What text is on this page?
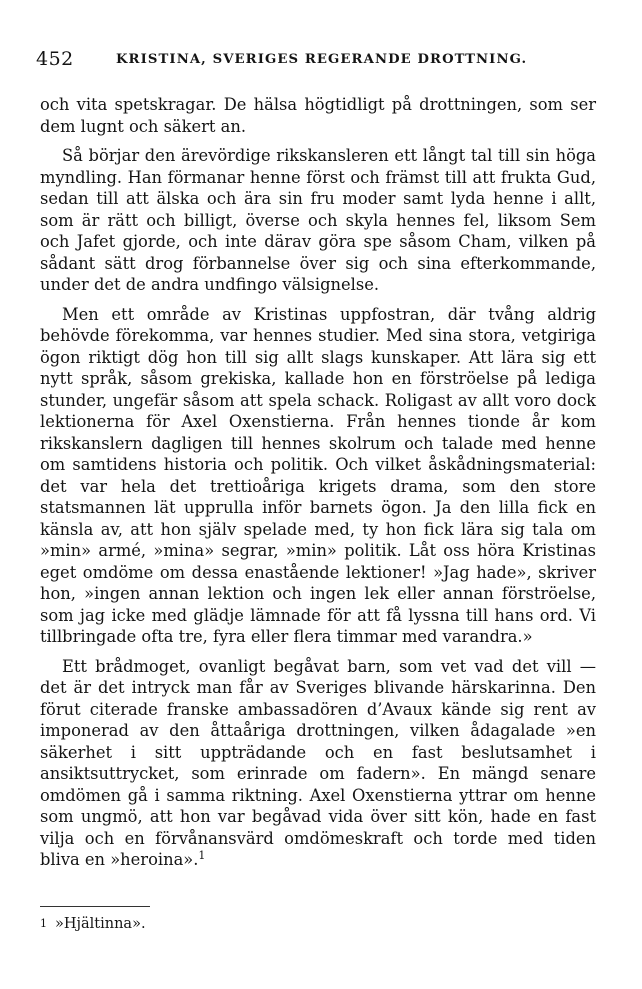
452	KRISTINA, SVERIGES REGERANDE DROTTNING.

och vita spetskragar. De hälsa högtidligt på drottningen, som ser dem lugnt och säkert an.

Så börjar den ärevördige rikskansleren ett långt tal till sin höga myndling. Han förmanar henne först och främst till att frukta Gud, sedan till att älska och ära sin fru moder samt lyda henne i allt, som är rätt och billigt, överse och skyla hennes fel, liksom Sem och Jafet gjorde, och inte därav göra spe såsom Cham, vilken på sådant sätt drog förbannelse över sig och sina efterkommande, under det de andra undfingo välsignelse.

Men ett område av Kristinas uppfostran, där tvång aldrig behövde förekomma, var hennes studier. Med sina stora, vetgiriga ögon riktigt dög hon till sig allt slags kunskaper. Att lära sig ett nytt språk, såsom grekiska, kallade hon en förströelse på lediga stunder, ungefär såsom att spela schack. Roligast av allt voro dock lektionerna för Axel Oxenstierna. Från hennes tionde år kom rikskanslern dagligen till hennes skolrum och talade med henne om samtidens historia och politik. Och vilket åskådningsmaterial: det var hela det trettioåriga krigets drama, som den store statsmannen lät upprulla inför barnets ögon. Ja den lilla fick en känsla av, att hon själv spelade med, ty hon fick lära sig tala om »min» armé, »mina» segrar, »min» politik. Låt oss höra Kristinas eget omdöme om dessa enastående lektioner! »Jag hade», skriver hon, »ingen annan lektion och ingen lek eller annan förströelse, som jag icke med glädje lämnade för att få lyssna till hans ord. Vi tillbringade ofta tre, fyra eller flera timmar med varandra.»

Ett brådmoget, ovanligt begåvat barn, som vet vad det vill — det är det intryck man får av Sveriges blivande härskarinna. Den förut citerade franske ambassadören d’Avaux kände sig rent av imponerad av den åttaåriga drottningen, vilken ådagalade »en säkerhet i sitt uppträdande och en fast beslutsamhet i ansiktsuttrycket, som erinrade om fadern». En mängd senare omdömen gå i samma riktning. Axel Oxenstierna yttrar om henne som ungmö, att hon var begåvad vida över sitt kön, hade en fast vilja och en förvånansvärd omdömeskraft och torde med tiden bliva en »heroina».$^1$

1 »Hjältinna».
